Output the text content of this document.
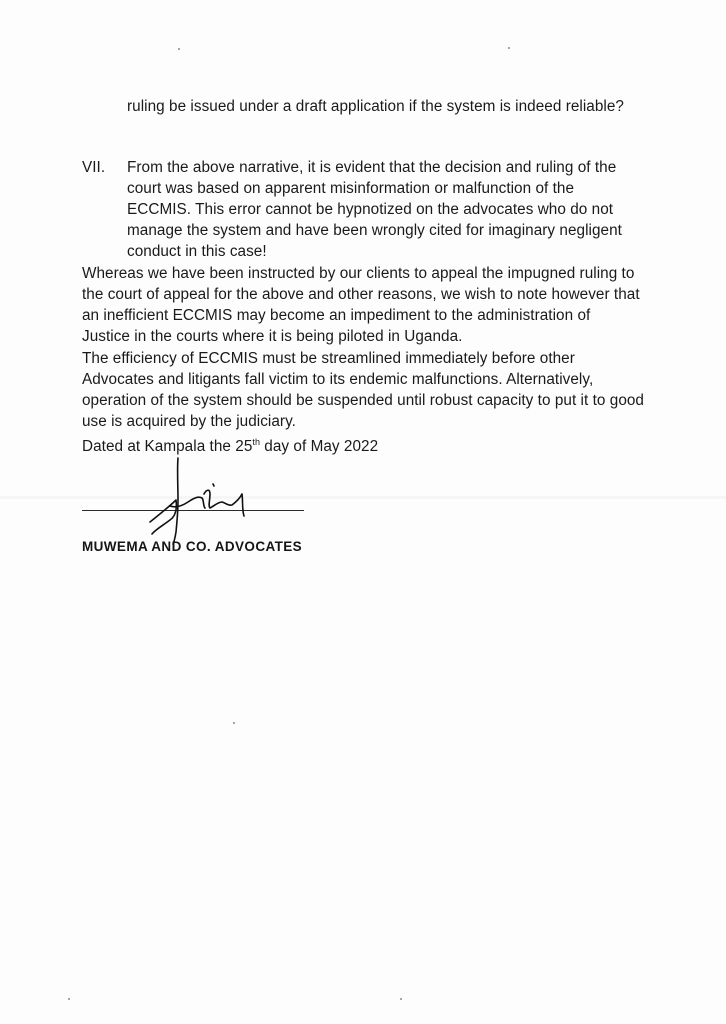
ruling be issued under a draft application if the system is indeed reliable?

VII.	From the above narrative, it is evident that the decision and ruling of the court was based on apparent misinformation or malfunction of the ECCMIS. This error cannot be hypnotized on the advocates who do not manage the system and have been wrongly cited for imaginary negligent conduct in this case!

Whereas we have been instructed by our clients to appeal the impugned ruling to the court of appeal for the above and other reasons, we wish to note however that an inefficient ECCMIS may become an impediment to the administration of Justice in the courts where it is being piloted in Uganda.

The efficiency of ECCMIS must be streamlined immediately before other Advocates and litigants fall victim to its endemic malfunctions. Alternatively, operation of the system should be suspended until robust capacity to put it to good use is acquired by the judiciary.

Dated at Kampala the 25th day of May 2022

MUWEMA AND CO. ADVOCATES
